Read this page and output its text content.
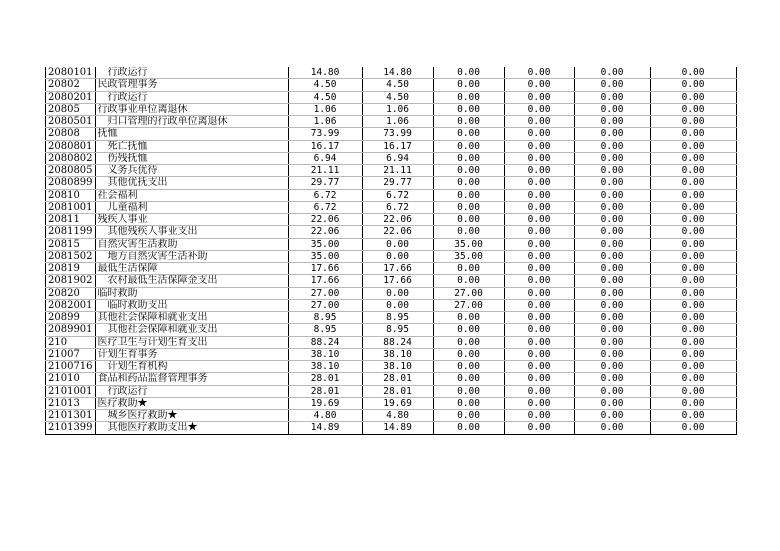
2080101	行政运行	14.80	14.80	0.00	0.00	0.00	0.00
20802	民政管理事务	4.50	4.50	0.00	0.00	0.00	0.00
2080201	行政运行	4.50	4.50	0.00	0.00	0.00	0.00
20805	行政事业单位离退休	1.06	1.06	0.00	0.00	0.00	0.00
2080501	归口管理的行政单位离退休	1.06	1.06	0.00	0.00	0.00	0.00
20808	抚恤	73.99	73.99	0.00	0.00	0.00	0.00
2080801	死亡抚恤	16.17	16.17	0.00	0.00	0.00	0.00
2080802	伤残抚恤	6.94	6.94	0.00	0.00	0.00	0.00
2080805	义务兵优待	21.11	21.11	0.00	0.00	0.00	0.00
2080899	其他优抚支出	29.77	29.77	0.00	0.00	0.00	0.00
20810	社会福利	6.72	6.72	0.00	0.00	0.00	0.00
2081001	儿童福利	6.72	6.72	0.00	0.00	0.00	0.00
20811	残疾人事业	22.06	22.06	0.00	0.00	0.00	0.00
2081199	其他残疾人事业支出	22.06	22.06	0.00	0.00	0.00	0.00
20815	自然灾害生活救助	35.00	0.00	35.00	0.00	0.00	0.00
2081502	地方自然灾害生活补助	35.00	0.00	35.00	0.00	0.00	0.00
20819	最低生活保障	17.66	17.66	0.00	0.00	0.00	0.00
2081902	农村最低生活保障金支出	17.66	17.66	0.00	0.00	0.00	0.00
20820	临时救助	27.00	0.00	27.00	0.00	0.00	0.00
2082001	临时救助支出	27.00	0.00	27.00	0.00	0.00	0.00
20899	其他社会保障和就业支出	8.95	8.95	0.00	0.00	0.00	0.00
2089901	其他社会保障和就业支出	8.95	8.95	0.00	0.00	0.00	0.00
210	医疗卫生与计划生育支出	88.24	88.24	0.00	0.00	0.00	0.00
21007	计划生育事务	38.10	38.10	0.00	0.00	0.00	0.00
2100716	计划生育机构	38.10	38.10	0.00	0.00	0.00	0.00
21010	食品和药品监督管理事务	28.01	28.01	0.00	0.00	0.00	0.00
2101001	行政运行	28.01	28.01	0.00	0.00	0.00	0.00
21013	医疗救助★	19.69	19.69	0.00	0.00	0.00	0.00
2101301	城乡医疗救助★	4.80	4.80	0.00	0.00	0.00	0.00
2101399	其他医疗救助支出★	14.89	14.89	0.00	0.00	0.00	0.00
